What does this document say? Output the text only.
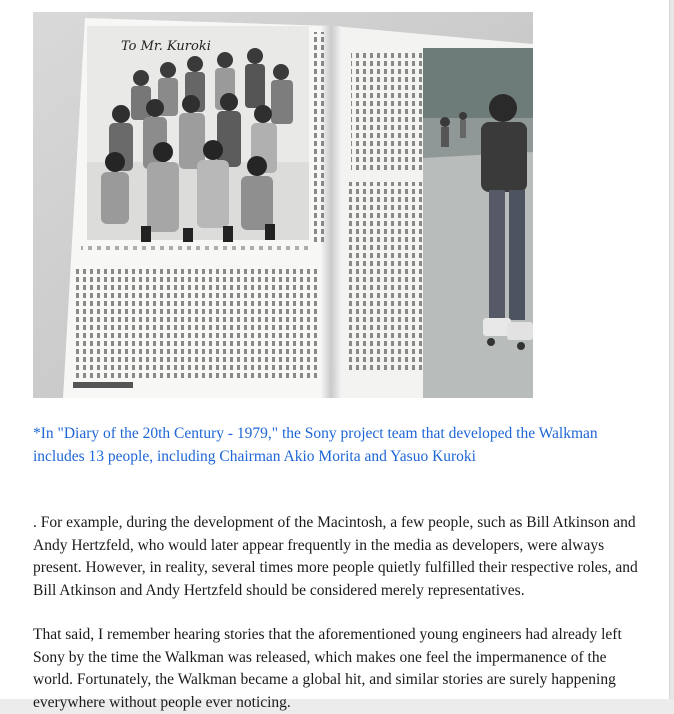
To Mr. Kuroki
*In "Diary of the 20th Century - 1979," the Sony project team that developed the Walkman includes 13 people, including Chairman Akio Morita and Yasuo Kuroki

. For example, during the development of the Macintosh, a few people, such as Bill Atkinson and Andy Hertzfeld, who would later appear frequently in the media as developers, were always present. However, in reality, several times more people quietly fulfilled their respective roles, and Bill Atkinson and Andy Hertzfeld should be considered merely representatives.

That said, I remember hearing stories that the aforementioned young engineers had already left Sony by the time the Walkman was released, which makes one feel the impermanence of the world. Fortunately, the Walkman became a global hit, and similar stories are surely happening everywhere without people ever noticing.
